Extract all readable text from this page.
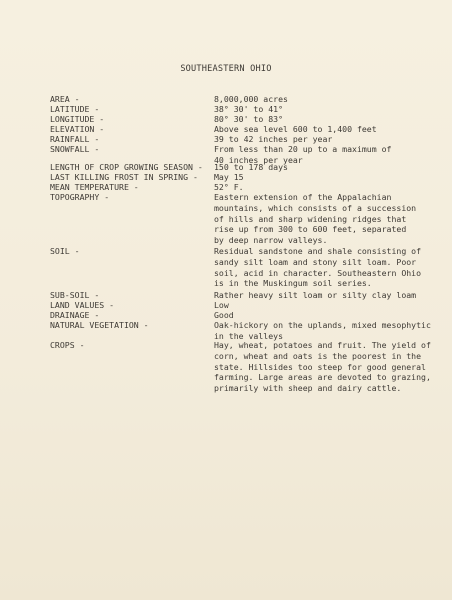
SOUTHEASTERN OHIO
AREA -	8,000,000 acres
LATITUDE -	38° 30' to 41°
LONGITUDE -	80° 30' to 83°
ELEVATION -	Above sea level 600 to 1,400 feet
RAINFALL -	39 to 42 inches per year
SNOWFALL -	From less than 20 up to a maximum of
40 inches per year
LENGTH OF CROP GROWING SEASON -	150 to 178 days
LAST KILLING FROST IN SPRING -	May 15
MEAN TEMPERATURE -	52° F.
TOPOGRAPHY -	Eastern extension of the Appalachian
mountains, which consists of a succession
of hills and sharp widening ridges that
rise up from 300 to 600 feet, separated
by deep narrow valleys.
SOIL -	Residual sandstone and shale consisting of
sandy silt loam and stony silt loam. Poor
soil, acid in character. Southeastern Ohio
is in the Muskingum soil series.
SUB-SOIL -	Rather heavy silt loam or silty clay loam
LAND VALUES -	Low
DRAINAGE -	Good
NATURAL VEGETATION -	Oak-hickory on the uplands, mixed mesophytic
in the valleys
CROPS -	Hay, wheat, potatoes and fruit. The yield of
corn, wheat and oats is the poorest in the
state. Hillsides too steep for good general
farming. Large areas are devoted to grazing,
primarily with sheep and dairy cattle.
